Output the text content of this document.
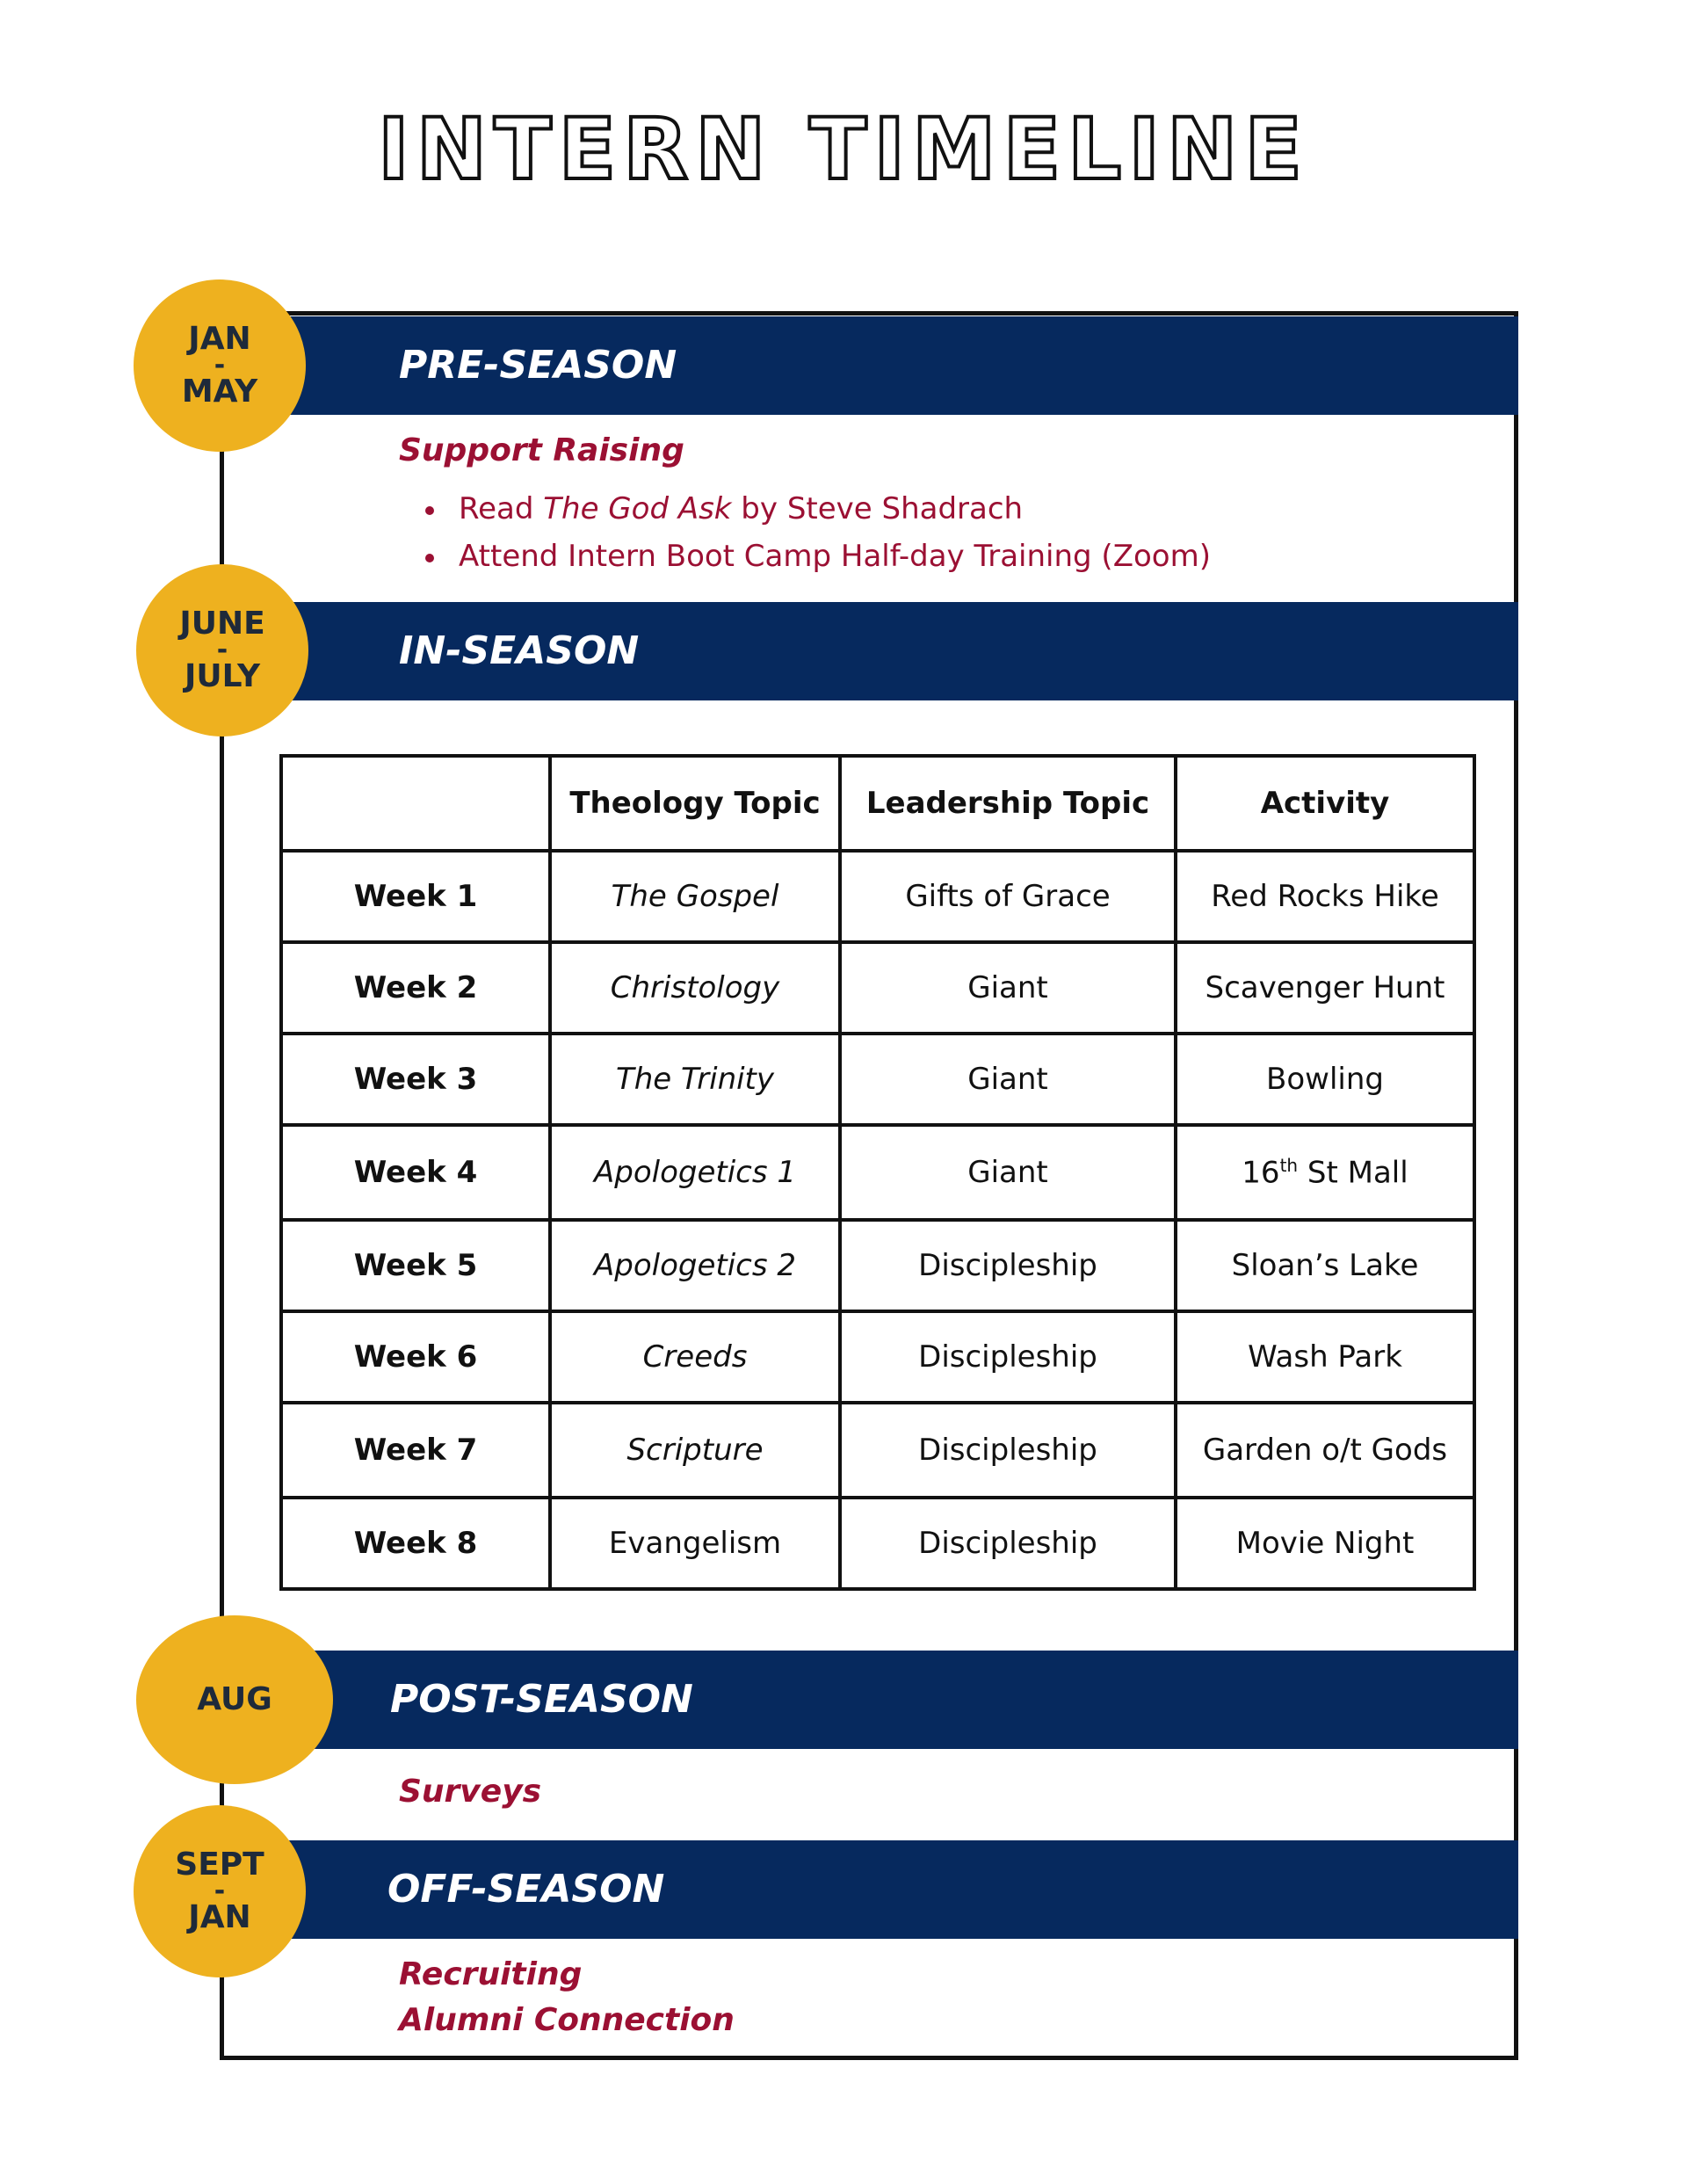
INTERN TIMELINE
PRE-SEASON
JAN
-
MAY
Support Raising
Read The God Ask by Steve Shadrach
Attend Intern Boot Camp Half-day Training (Zoom)
IN-SEASON
JUNE
-
JULY
	Theology Topic	Leadership Topic	Activity
Week 1	The Gospel	Gifts of Grace	Red Rocks Hike
Week 2	Christology	Giant	Scavenger Hunt
Week 3	The Trinity	Giant	Bowling
Week 4	Apologetics 1	Giant	16th St Mall
Week 5	Apologetics 2	Discipleship	Sloan’s Lake
Week 6	Creeds	Discipleship	Wash Park
Week 7	Scripture	Discipleship	Garden o/t Gods
Week 8	Evangelism	Discipleship	Movie Night
POST-SEASON
AUG
Surveys
OFF-SEASON
SEPT
-
JAN
Recruiting
Alumni Connection
